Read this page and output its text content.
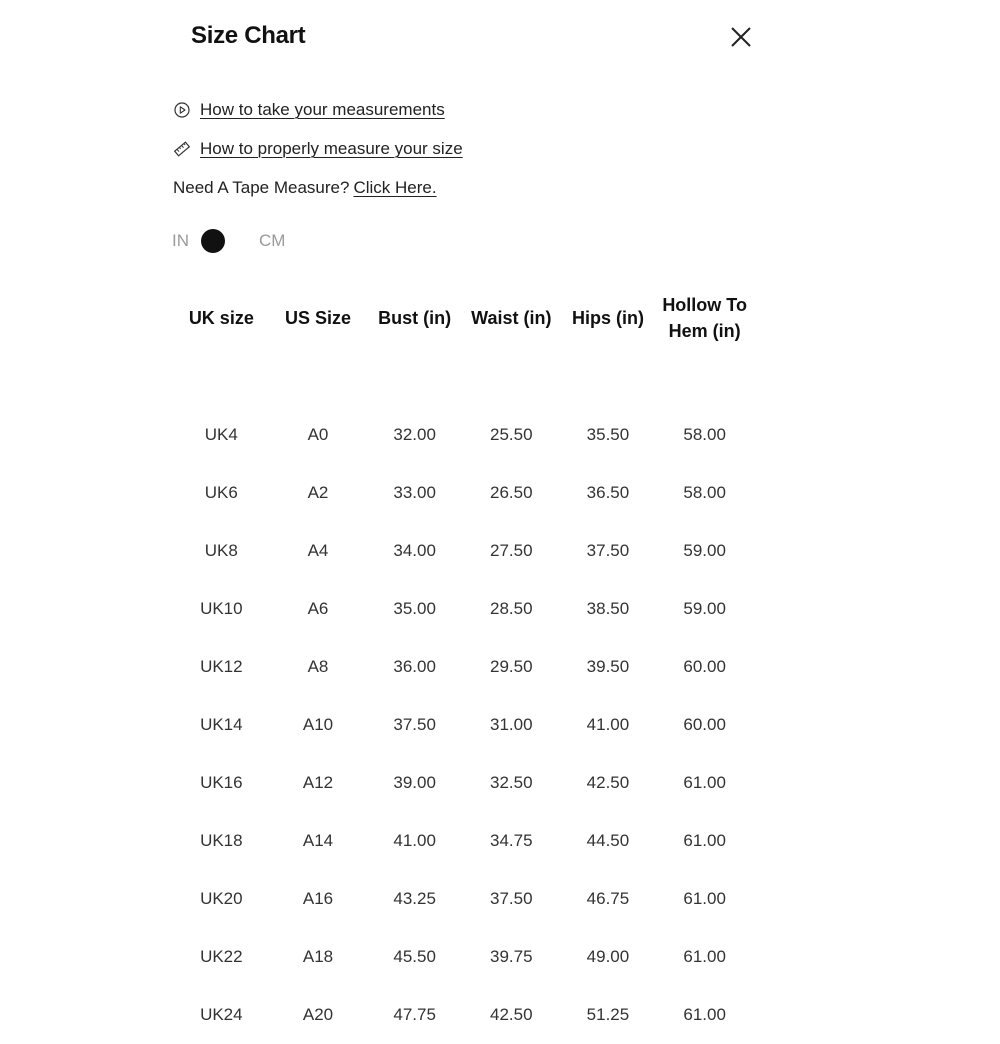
Size Chart
How to take your measurements
How to properly measure your size
Need A Tape Measure? Click Here.
IN	CM
UK size	US Size	Bust (in)	Waist (in)	Hips (in)	Hollow To Hem (in)

UK4	A0	32.00	25.50	35.50	58.00
UK6	A2	33.00	26.50	36.50	58.00
UK8	A4	34.00	27.50	37.50	59.00
UK10	A6	35.00	28.50	38.50	59.00
UK12	A8	36.00	29.50	39.50	60.00
UK14	A10	37.50	31.00	41.00	60.00
UK16	A12	39.00	32.50	42.50	61.00
UK18	A14	41.00	34.75	44.50	61.00
UK20	A16	43.25	37.50	46.75	61.00
UK22	A18	45.50	39.75	49.00	61.00
UK24	A20	47.75	42.50	51.25	61.00
